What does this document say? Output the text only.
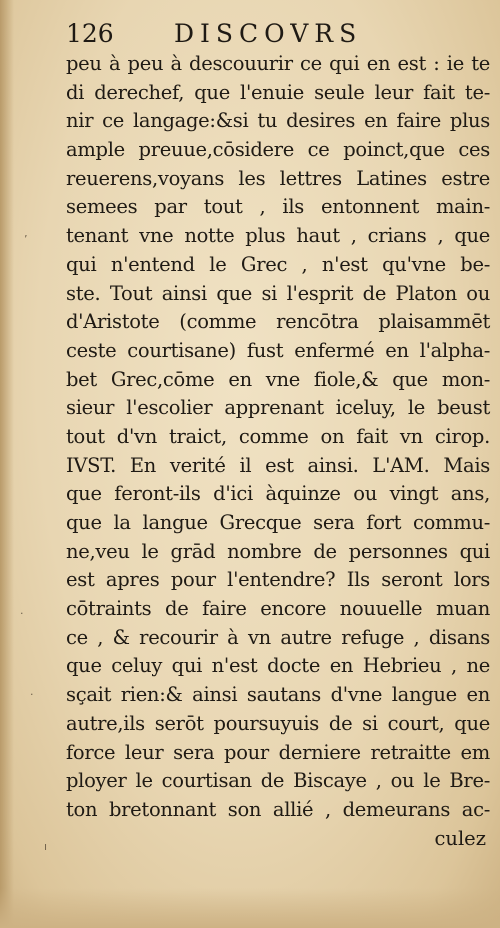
ʼ
·
·
ı
126	DISCOVRS
peu à peu à descouurir ce qui en est : ie te
di derechef, que l'enuie seule leur fait te-
nir ce langage:&si tu desires en faire plus
ample preuue,cōsidere ce poinct,que ces
reuerens,voyans les lettres Latines estre
semees par tout , ils entonnent main-
tenant vne notte plus haut , crians , que
qui n'entend le Grec , n'est qu'vne be-
ste. Tout ainsi que si l'esprit de Platon ou
d'Aristote (comme rencōtra plaisammēt
ceste courtisane) fust enfermé en l'alpha-
bet Grec,cōme en vne fiole,& que mon-
sieur l'escolier apprenant iceluy, le beust
tout d'vn traict, comme on fait vn cirop.
IVST. En verité il est ainsi. L'AM. Mais
que feront-ils d'ici àquinze ou vingt ans,
que la langue Grecque sera fort commu-
ne,veu le grād nombre de personnes qui
est apres pour l'entendre? Ils seront lors
cōtraints de faire encore nouuelle muan
ce , & recourir à vn autre refuge , disans
que celuy qui n'est docte en Hebrieu , ne
sçait rien:& ainsi sautans d'vne langue en
autre,ils serōt poursuyuis de si court, que
force leur sera pour derniere retraitte em
ployer le courtisan de Biscaye , ou le Bre-
ton bretonnant son allié , demeurans ac-
culez
